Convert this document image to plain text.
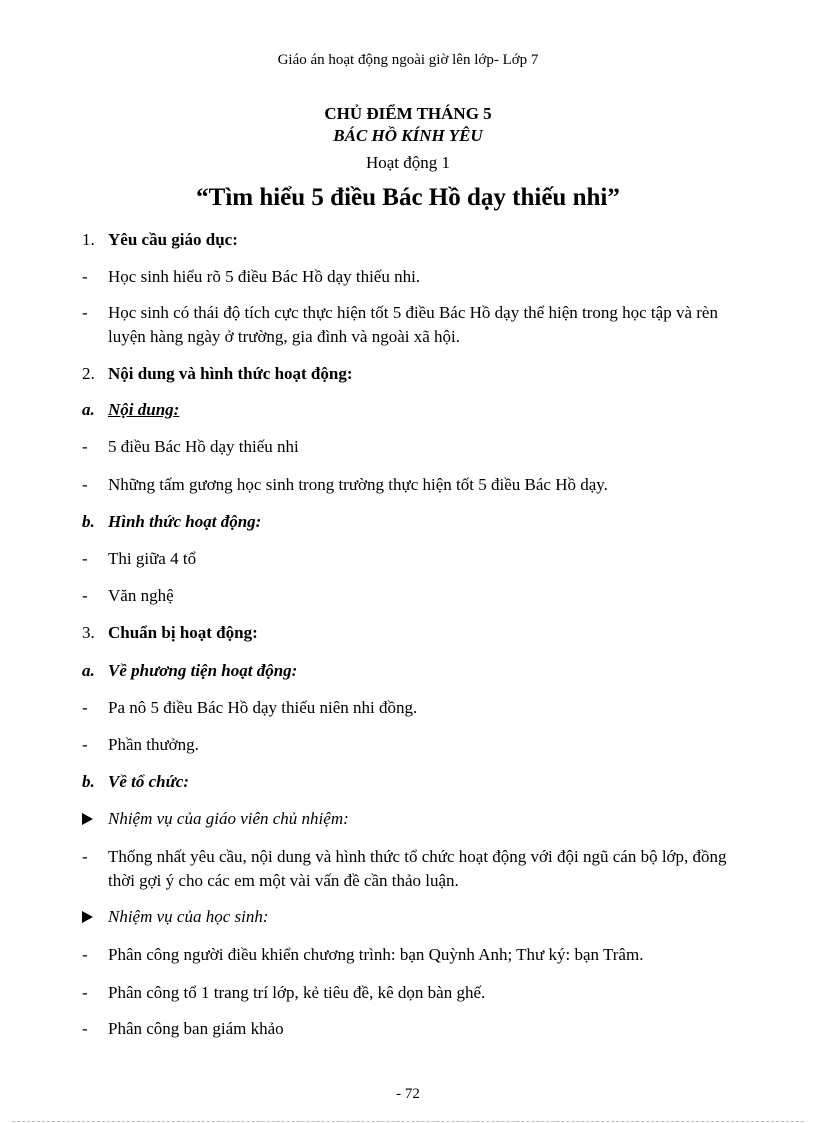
Giáo án hoạt động ngoài giờ lên lớp- Lớp 7
CHỦ ĐIỂM THÁNG 5
BÁC HỒ KÍNH YÊU
Hoạt động 1
“Tìm hiểu 5 điều Bác Hồ dạy thiếu nhi”
1. Yêu cầu giáo dục:
- Học sinh hiểu rõ 5 điều Bác Hồ dạy thiếu nhi.
- Học sinh có thái độ tích cực thực hiện tốt 5 điều Bác Hồ dạy thể hiện trong học tập và rèn luyện hàng ngày ở trường, gia đình và ngoài xã hội.
2. Nội dung và hình thức hoạt động:
a. Nội dung:
- 5 điều Bác Hồ dạy thiếu nhi
- Những tấm gương học sinh trong trường thực hiện tốt 5 điều Bác Hồ dạy.
b. Hình thức hoạt động:
- Thi giữa 4 tổ
- Văn nghệ
3. Chuẩn bị hoạt động:
a. Về phương tiện hoạt động:
- Pa nô 5 điều Bác Hồ dạy thiếu niên nhi đồng.
- Phần thưởng.
b. Về tổ chức:
Nhiệm vụ của giáo viên chủ nhiệm:
- Thống nhất yêu cầu, nội dung và hình thức tổ chức hoạt động với đội ngũ cán bộ lớp, đồng thời gợi ý cho các em một vài vấn đề cần thảo luận.
Nhiệm vụ của học sinh:
- Phân công người điều khiển chương trình: bạn Quỳnh Anh; Thư ký: bạn Trâm.
- Phân công tổ 1 trang trí lớp, kẻ tiêu đề, kê dọn bàn ghế.
- Phân công ban giám khảo
- 72
